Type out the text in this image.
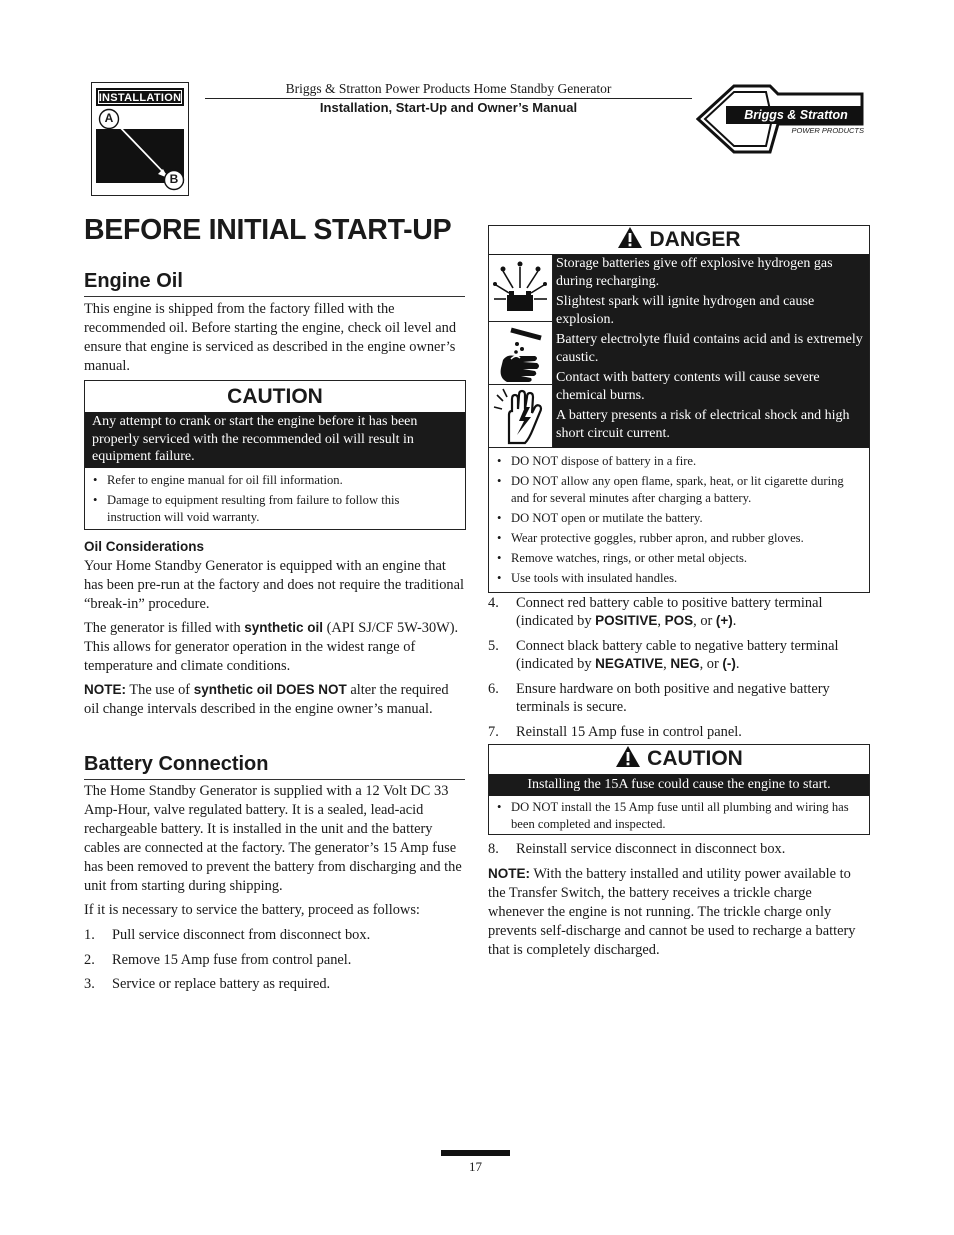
INSTALLATION
A
B
Briggs & Stratton Power Products Home Standby Generator
Installation, Start-Up and Owner’s Manual	Briggs & Stratton
POWER PRODUCTS
BEFORE INITIAL START-UP
Engine Oil

This engine is shipped from the factory filled with the recommended oil. Before starting the engine, check oil level and ensure that engine is serviced as described in the engine owner’s manual.

CAUTION
Any attempt to crank or start the engine before it has been properly serviced with the recommended oil will result in equipment failure.
• Refer to engine manual for oil fill information.
• Damage to equipment resulting from failure to follow this instruction will void warranty.
Oil Considerations

Your Home Standby Generator is equipped with an engine that has been pre-run at the factory and does not require the traditional “break-in” procedure.

The generator is filled with synthetic oil (API SJ/CF 5W-30W). This allows for generator operation in the widest range of temperature and climate conditions.

NOTE: The use of synthetic oil DOES NOT alter the required oil change intervals described in the engine owner’s manual.

Battery Connection

The Home Standby Generator is supplied with a 12 Volt DC 33 Amp-Hour, valve regulated battery. It is a sealed, lead-acid rechargeable battery. It is installed in the unit and the battery cables are connected at the factory. The generator’s 15 Amp fuse has been removed to prevent the battery from discharging and the unit from starting during shipping.

If it is necessary to service the battery, proceed as follows:

1. Pull service disconnect from disconnect box.
2. Remove 15 Amp fuse from control panel.
3. Service or replace battery as required.
DANGER
Storage batteries give off explosive hydrogen gas during recharging.
Slightest spark will ignite hydrogen and cause explosion.
Battery electrolyte fluid contains acid and is extremely caustic.
Contact with battery contents will cause severe chemical burns.
A battery presents a risk of electrical shock and high short circuit current.
• DO NOT dispose of battery in a fire.
• DO NOT allow any open flame, spark, heat, or lit cigarette during and for several minutes after charging a battery.
• DO NOT open or mutilate the battery.
• Wear protective goggles, rubber apron, and rubber gloves.
• Remove watches, rings, or other metal objects.
• Use tools with insulated handles.
4. Connect red battery cable to positive battery terminal (indicated by POSITIVE, POS, or (+).
5. Connect black battery cable to negative battery terminal (indicated by NEGATIVE, NEG, or (-).
6. Ensure hardware on both positive and negative battery terminals is secure.
7. Reinstall 15 Amp fuse in control panel.
CAUTION
Installing the 15A fuse could cause the engine to start.
• DO NOT install the 15 Amp fuse until all plumbing and wiring has been completed and inspected.
8. Reinstall service disconnect in disconnect box.

NOTE: With the battery installed and utility power available to the Transfer Switch, the battery receives a trickle charge whenever the engine is not running. The trickle charge only prevents self-discharge and cannot be used to recharge a battery that is completely discharged.

17
